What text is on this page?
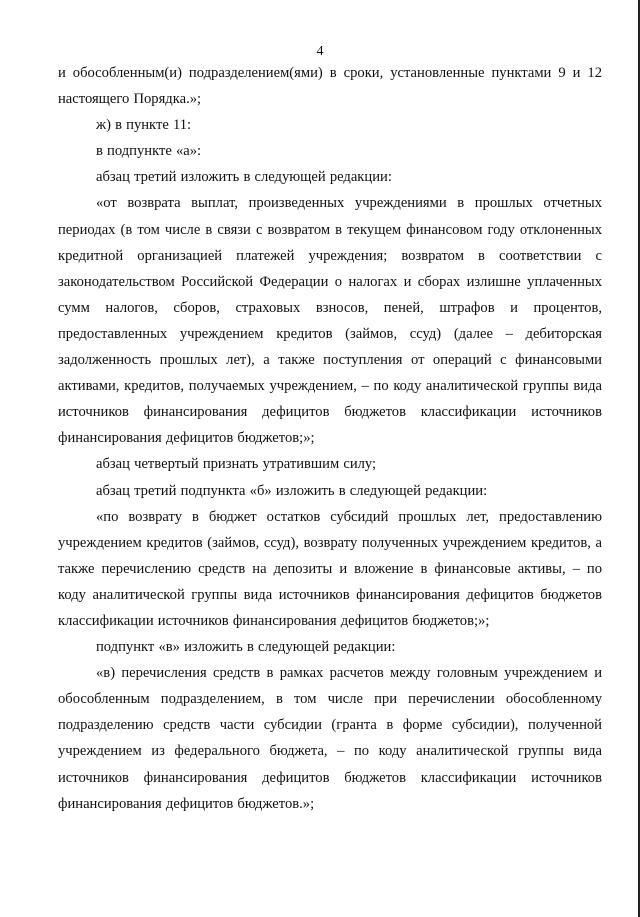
4

и обособленным(и) подразделением(ями) в сроки, установленные пунктами 9 и 12 настоящего Порядка.»;

ж) в пункте 11:

в подпункте «а»:

абзац третий изложить в следующей редакции:

«от возврата выплат, произведенных учреждениями в прошлых отчетных периодах (в том числе в связи с возвратом в текущем финансовом году отклоненных кредитной организацией платежей учреждения; возвратом в соответствии с законодательством Российской Федерации о налогах и сборах излишне уплаченных сумм налогов, сборов, страховых взносов, пеней, штрафов и процентов, предоставленных учреждением кредитов (займов, ссуд) (далее – дебиторская задолженность прошлых лет), а также поступления от операций с финансовыми активами, кредитов, получаемых учреждением, – по коду аналитической группы вида источников финансирования дефицитов бюджетов классификации источников финансирования дефицитов бюджетов;»;

абзац четвертый признать утратившим силу;

абзац третий подпункта «б» изложить в следующей редакции:

«по возврату в бюджет остатков субсидий прошлых лет, предоставлению учреждением кредитов (займов, ссуд), возврату полученных учреждением кредитов, а также перечислению средств на депозиты и вложение в финансовые активы, – по коду аналитической группы вида источников финансирования дефицитов бюджетов классификации источников финансирования дефицитов бюджетов;»;

подпункт «в» изложить в следующей редакции:

«в) перечисления средств в рамках расчетов между головным учреждением и обособленным подразделением, в том числе при перечислении обособленному подразделению средств части субсидии (гранта в форме субсидии), полученной учреждением из федерального бюджета, – по коду аналитической группы вида источников финансирования дефицитов бюджетов классификации источников финансирования дефицитов бюджетов.»;
